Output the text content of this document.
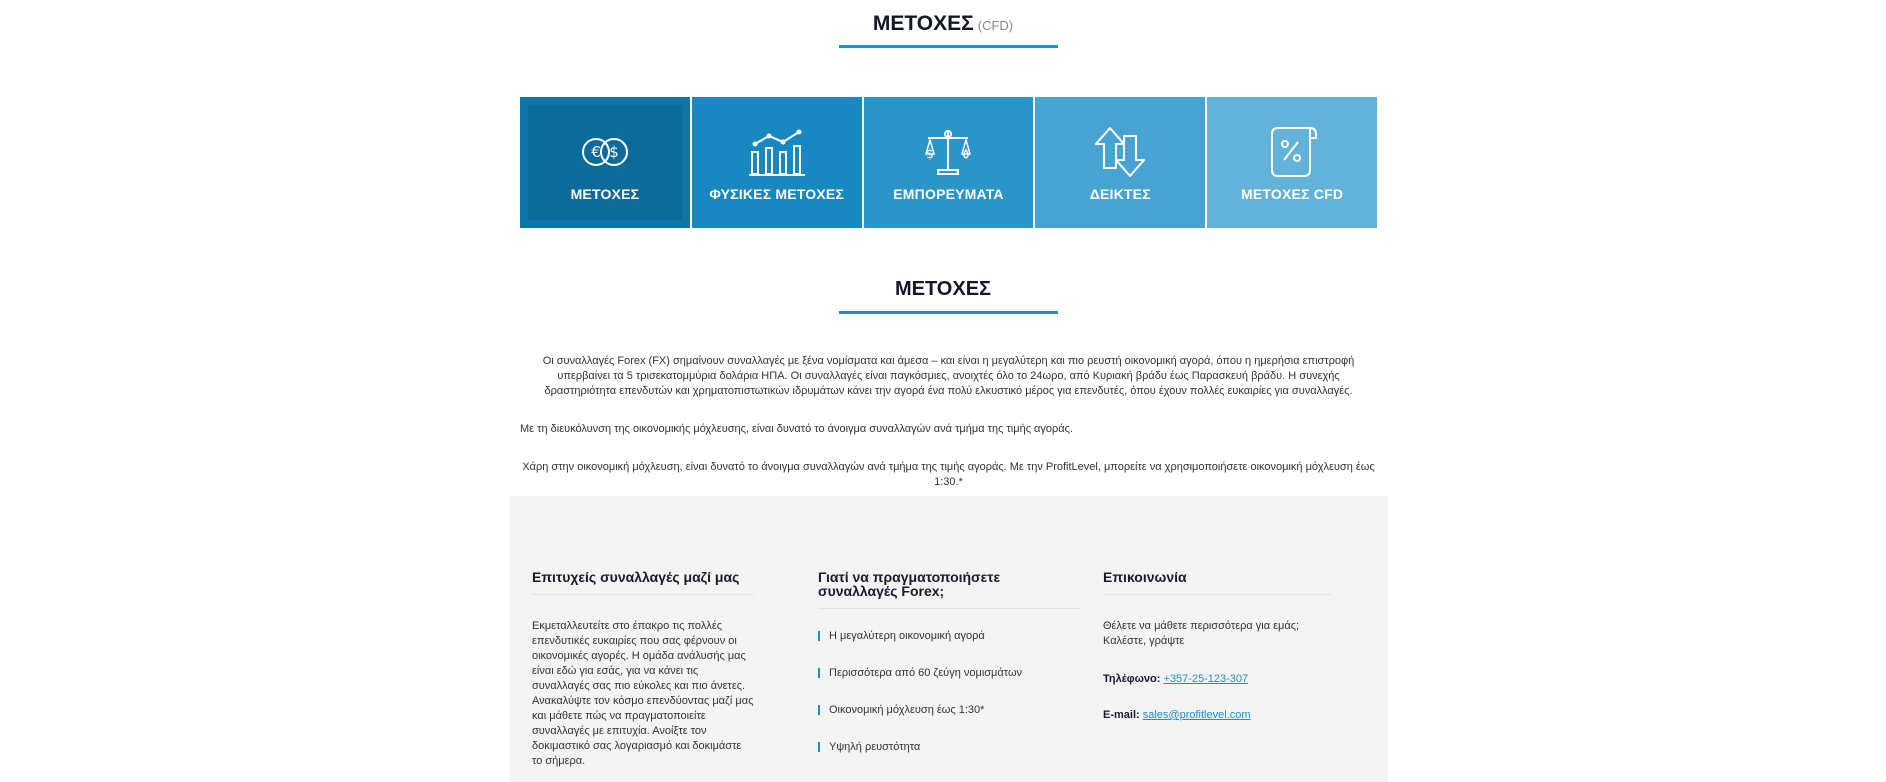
ΜΕΤΟΧΕΣ (CFD)
€ $
ΜΕΤΟΧΕΣ	ΦΥΣΙΚΕΣ ΜΕΤΟΧΕΣ
$
ΕΜΠΟΡΕΥΜΑΤΑ	ΔΕΙΚΤΕΣ	ΜΕΤΟΧΕΣ CFD
ΜΕΤΟΧΕΣ
Οι συναλλαγές Forex (FX) σημαίνουν συναλλαγές με ξένα νομίσματα και άμεσα – και είναι η μεγαλύτερη και πιο ρευστή οικονομική αγορά, όπου η ημερήσια επιστροφή υπερβαίνει τα 5 τρισεκατομμύρια δολάρια ΗΠΑ. Οι συναλλαγές είναι παγκόσμιες, ανοιχτές όλο το 24ωρο, από Κυριακή βράδυ έως Παρασκευή βράδυ. Η συνεχής δραστηριότητα επενδυτών και χρηματοπιστωτικών ιδρυμάτων κάνει την αγορά ένα πολύ ελκυστικό μέρος για επενδυτές, όπου έχουν πολλές ευκαιρίες για συναλλαγές.
Με τη διευκόλυνση της οικονομικής μόχλευσης, είναι δυνατό το άνοιγμα συναλλαγών ανά τμήμα της τιμής αγοράς.
Χάρη στην οικονομική μόχλευση, είναι δυνατό το άνοιγμα συναλλαγών ανά τμήμα της τιμής αγοράς. Με την ProfitLevel, μπορείτε να χρησιμοποιήσετε οικονομική μόχλευση έως 1:30.*
Επιτυχείς συναλλαγές μαζί μας

Εκμεταλλευτείτε στο έπακρο τις πολλές επενδυτικές ευκαιρίες που σας φέρνουν οι οικονομικές αγορές. Η ομάδα ανάλυσής μας είναι εδώ για εσάς, για να κάνει τις συναλλαγές σας πιο εύκολες και πιο άνετες. Ανακαλύψτε τον κόσμο επενδύοντας μαζί μας και μάθετε πώς να πραγματοποιείτε συναλλαγές με επιτυχία. Ανοίξτε τον δοκιμαστικό σας λογαριασμό και δοκιμάστε το σήμερα.

Γιατί να πραγματοποιήσετε συναλλαγές Forex;
Η μεγαλύτερη οικονομική αγορά
Περισσότερα από 60 ζεύγη νομισμάτων
Οικονομική μόχλευση έως 1:30*
Υψηλή ρευστότητα
Επικοινωνία
Θέλετε να μάθετε περισσότερα για εμάς; Καλέστε, γράψτε
Τηλέφωνο: +357-25-123-307
E-mail: sales@profitlevel.com
